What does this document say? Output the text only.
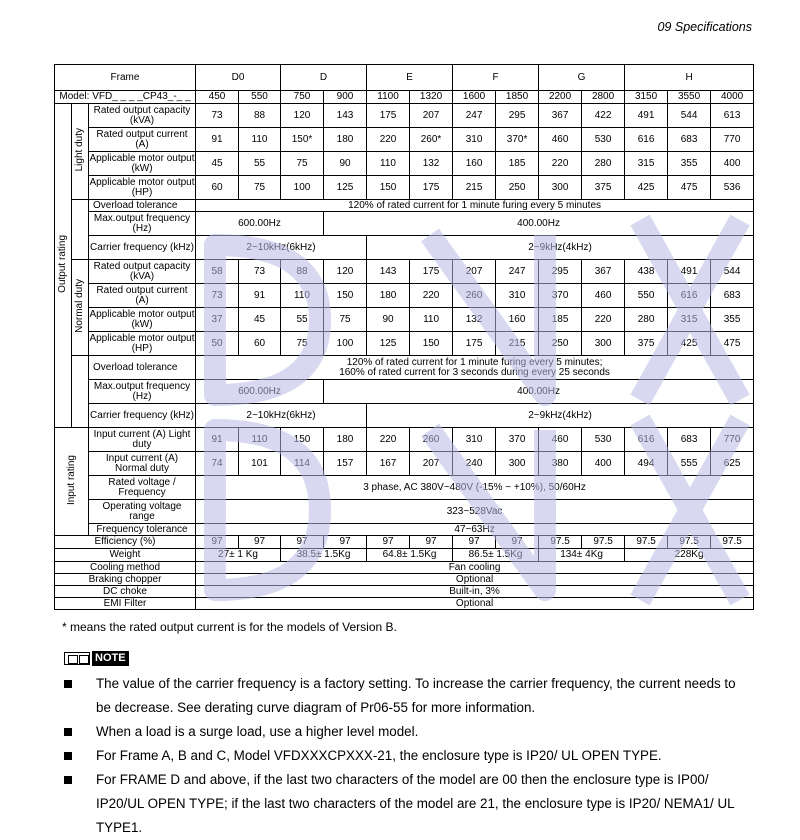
09 Specifications
Frame			D0		D		E		F		G		H		
Model: VFD_ _ _ _CP43_-_ _			450	550	750	900	1100	1320	1600	1850	2200	2800	3150	3550	4000
Output rating	Light duty	Rated output capacity (kVA)	73	88	120	143	175	207	247	295	367	422	491	544	613
		Rated output current (A)	91	110	150*	180	220	260*	310	370*	460	530	616	683	770
		Applicable motor output (kW)	45	55	75	90	110	132	160	185	220	280	315	355	400
		Applicable motor output (HP)	60	75	100	125	150	175	215	250	300	375	425	475	536
		Overload tolerance	120% of rated current for 1 minute furing every 5 minutes												
		Max.output frequency (Hz)	600.00Hz			400.00Hz									
		Carrier frequency (kHz)	2~10kHz(6kHz)				2~9kHz(4kHz)								
	Normal duty	Rated output capacity (kVA)	58	73	88	120	143	175	207	247	295	367	438	491	544
		Rated output current (A)	73	91	110	150	180	220	260	310	370	460	550	616	683
		Applicable motor output (kW)	37	45	55	75	90	110	132	160	185	220	280	315	355
		Applicable motor output (HP)	50	60	75	100	125	150	175	215	250	300	375	425	475
		Overload tolerance	120% of rated current for 1 minute furing every 5 minutes;
160% of rated current for 3 seconds during every 25 seconds												

		Max.output frequency (Hz)	600.00Hz			400.00Hz									
		Carrier frequency (kHz)	2~10kHz(6kHz)				2~9kHz(4kHz)								
Input rating		Input current (A) Light duty	91	110	150	180	220	260	310	370	460	530	616	683	770
		Input current (A) Normal duty	74	101	114	157	167	207	240	300	380	400	494	555	625
		Rated voltage / Frequency	3 phase, AC 380V~480V (-15% ~ +10%), 50/60Hz												
		Operating voltage range	323~528Vac												
		Frequency tolerance	47~63Hz												
Efficiency (%)			97	97	97	97	97	97	97	97	97.5	97.5	97.5	97.5	97.5
Weight			27± 1 Kg		38.5± 1.5Kg		64.8± 1.5Kg		86.5± 1.5Kg		134± 4Kg		228Kg		
Cooling method			Fan cooling												
Braking chopper			Optional												
DC choke			Built-in, 3%												
EMI Filter			Optional												
* means the rated output current is for the models of Version B.
NOTE
The value of the carrier frequency is a factory setting. To increase the carrier frequency, the current needs to be decrease. See derating curve diagram of Pr06-55 for more information.
When a load is a surge load, use a higher level model.
For Frame A, B and C, Model VFDXXXCPXXX-21, the enclosure type is IP20/ UL OPEN TYPE.
For FRAME D and above, if the last two characters of the model are 00 then the enclosure type is IP00/ IP20/UL OPEN TYPE; if the last two characters of the model are 21, the enclosure type is IP20/ NEMA1/ UL TYPE1.
